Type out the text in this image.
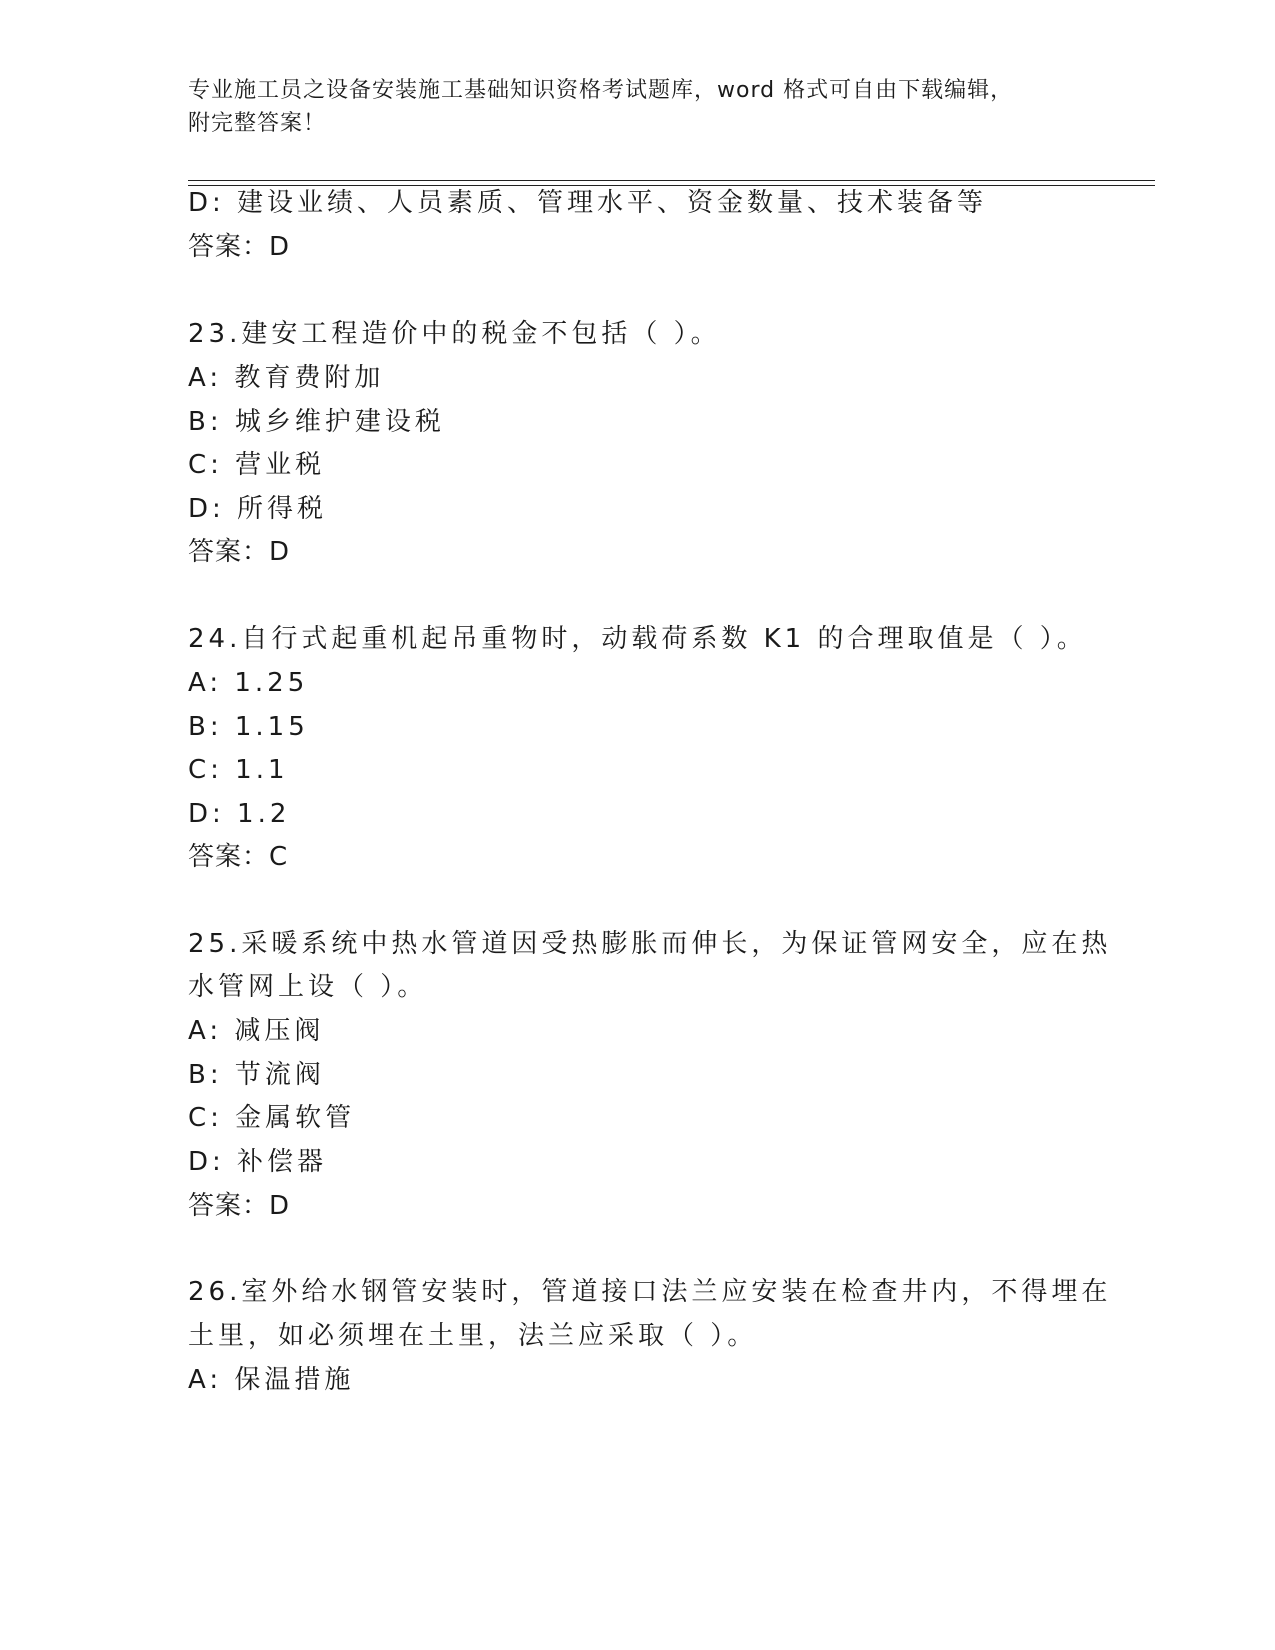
专业施工员之设备安装施工基础知识资格考试题库，word 格式可自由下载编辑，
附完整答案！
D: 建设业绩、人员素质、管理水平、资金数量、技术装备等
答案：D
23.建安工程造价中的税金不包括（ ）。
A: 教育费附加
B: 城乡维护建设税
C: 营业税
D: 所得税
答案：D
24.自行式起重机起吊重物时，动载荷系数 K1 的合理取值是（ ）。
A: 1.25
B: 1.15
C: 1.1
D: 1.2
答案：C
25.采暖系统中热水管道因受热膨胀而伸长，为保证管网安全，应在热
水管网上设（ ）。
A: 减压阀
B: 节流阀
C: 金属软管
D: 补偿器
答案：D
26.室外给水钢管安装时，管道接口法兰应安装在检查井内，不得埋在
土里，如必须埋在土里，法兰应采取（ ）。
A: 保温措施
